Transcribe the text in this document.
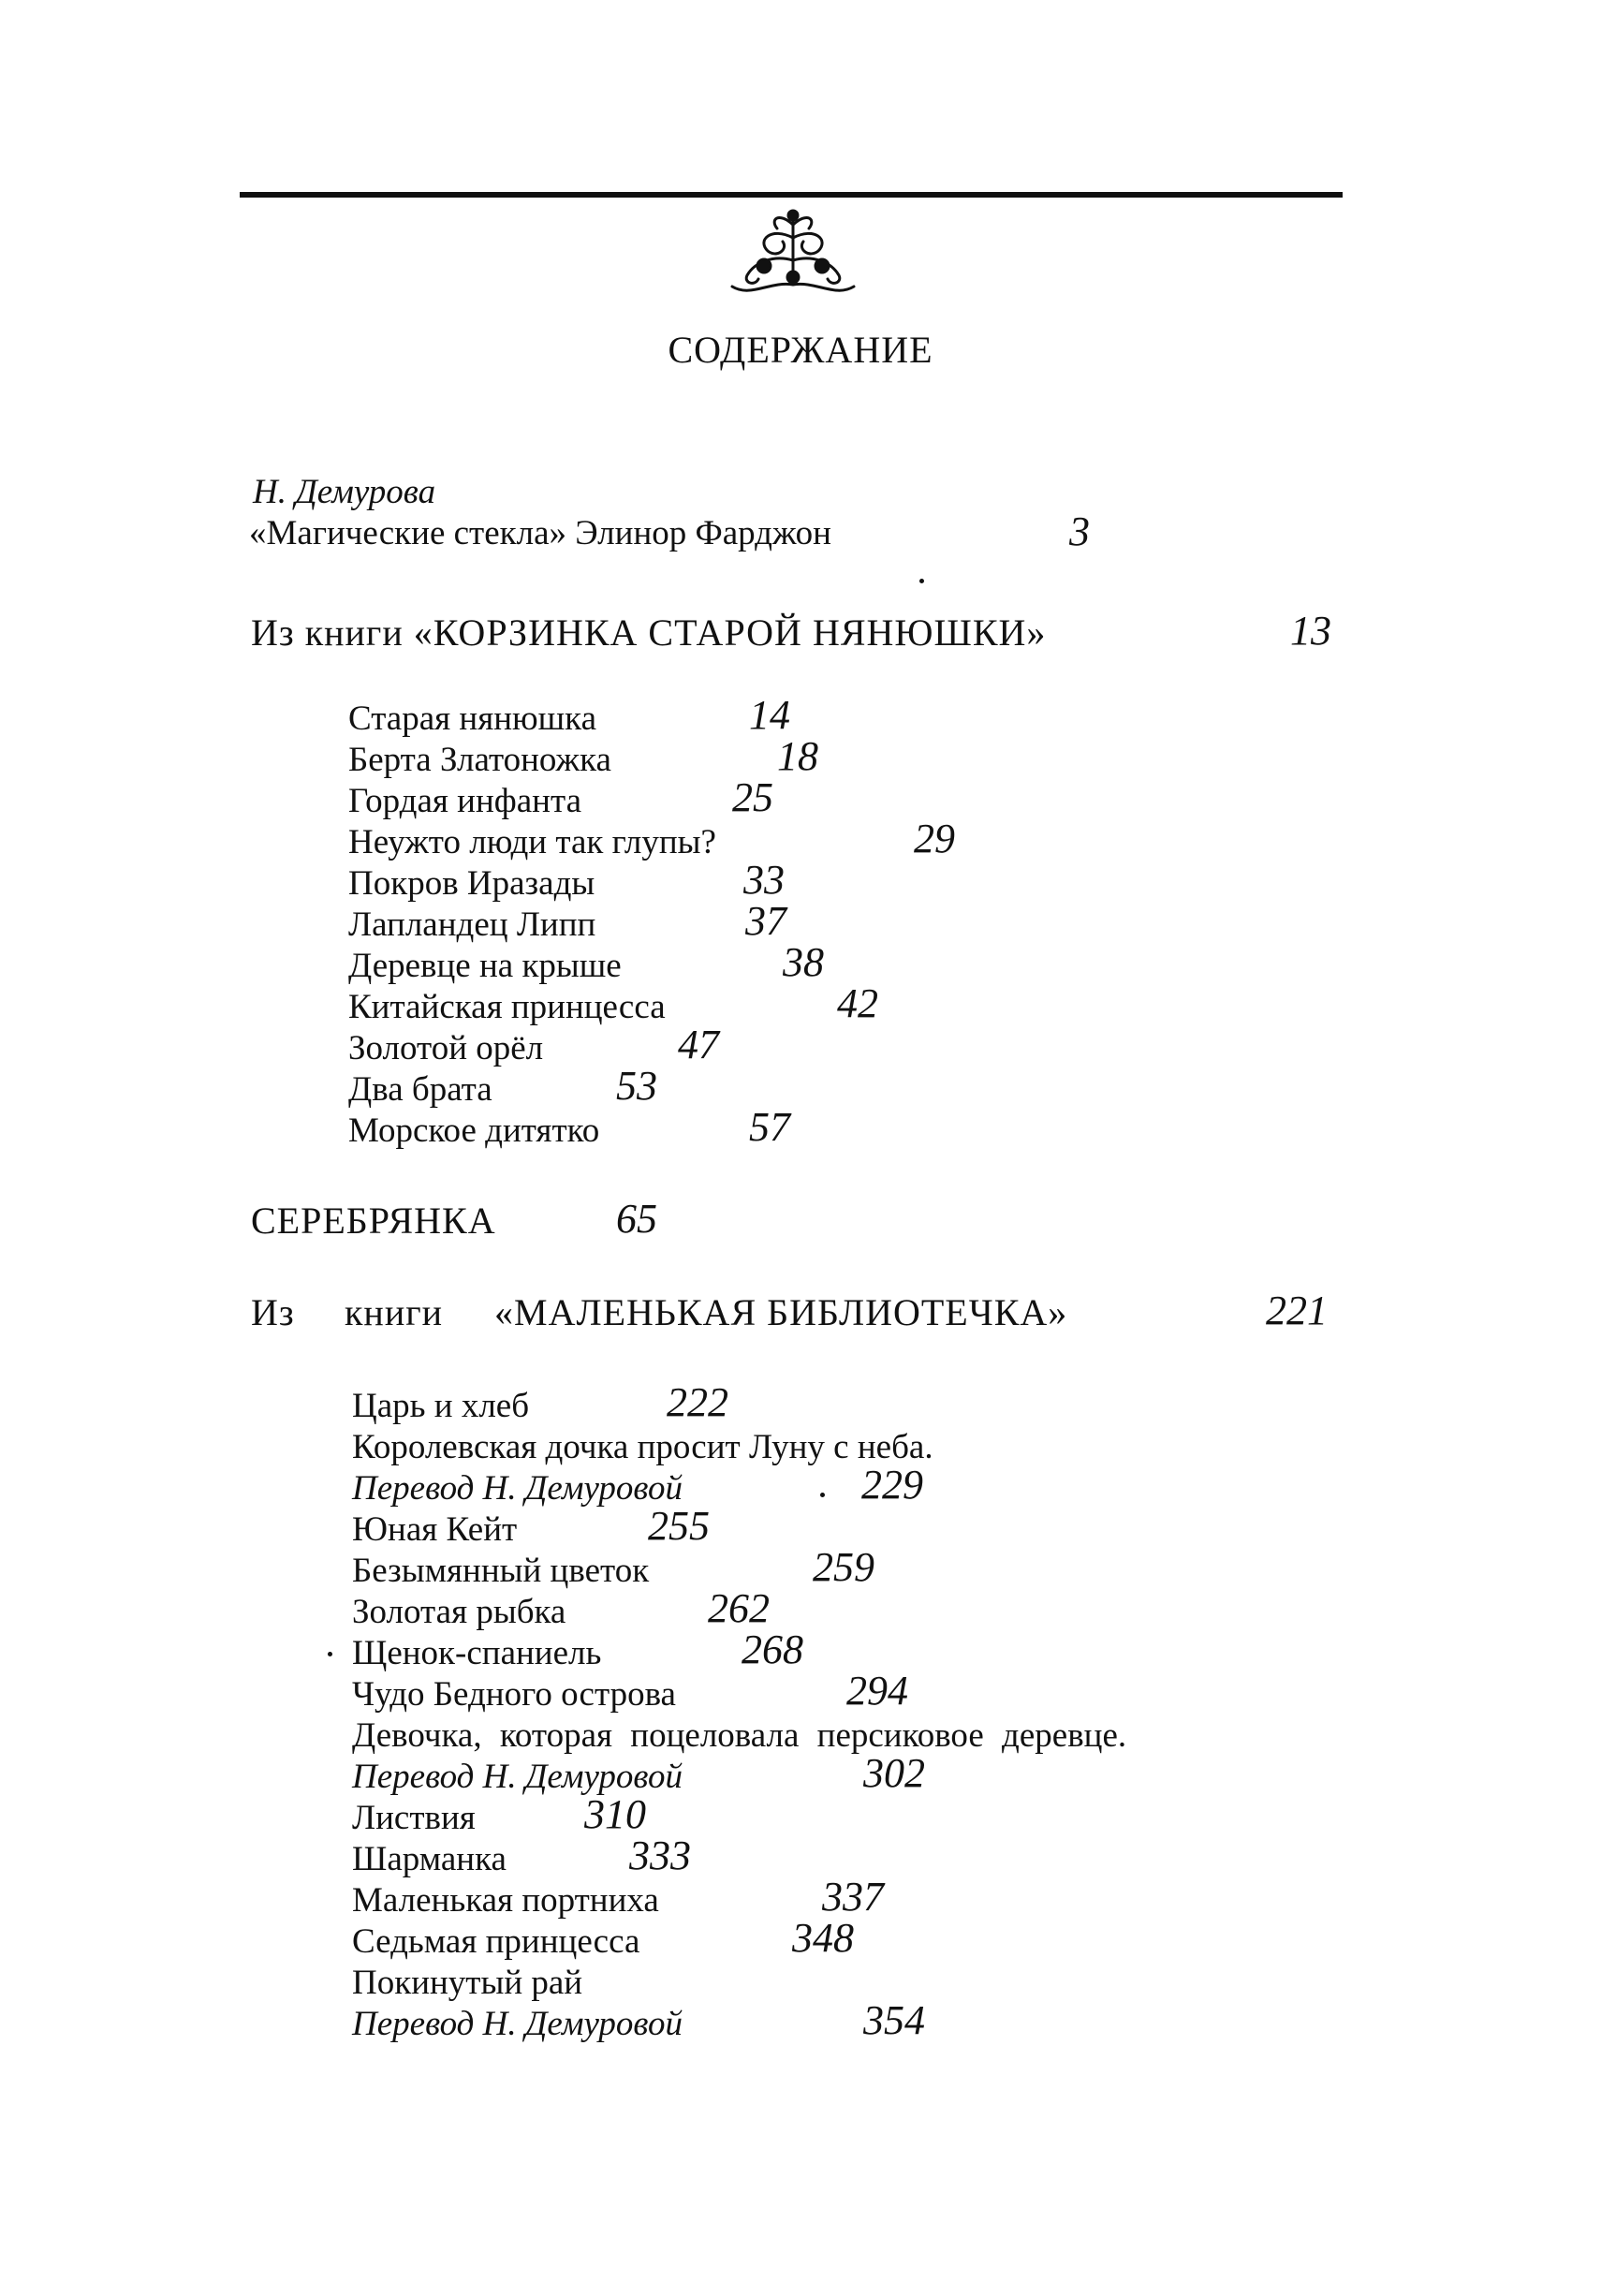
СОДЕРЖАНИЕ
Н. Демурова
«Магические стекла» Элинор Фарджон	3
Из книги «КОРЗИНКА СТАРОЙ НЯНЮШКИ»	13
Старая нянюшка	14
Берта Златоножка	18
Гордая инфанта	25
Неужто люди так глупы?	29
Покров Иразады	33
Лапландец Липп	37
Деревце на крыше	38
Китайская принцесса	42
Золотой орёл	47
Два брата	53
Морское дитятко	57
СЕРЕБРЯНКА	65
Из книги «МАЛЕНЬКАЯ БИБЛИОТЕЧКА»	221
Царь и хлеб	222
Королевская дочка просит Луну с неба.
Перевод Н. Демуровой	229
Юная Кейт	255
Безымянный цветок	259
Золотая рыбка	262
Щенок-спаниель	268
Чудо Бедного острова	294
Девочка, которая поцеловала персиковое деревце.
Перевод Н. Демуровой	302
Листвия	310
Шарманка	333
Маленькая портниха	337
Седьмая принцесса	348
Покинутый рай
Перевод Н. Демуровой	354
